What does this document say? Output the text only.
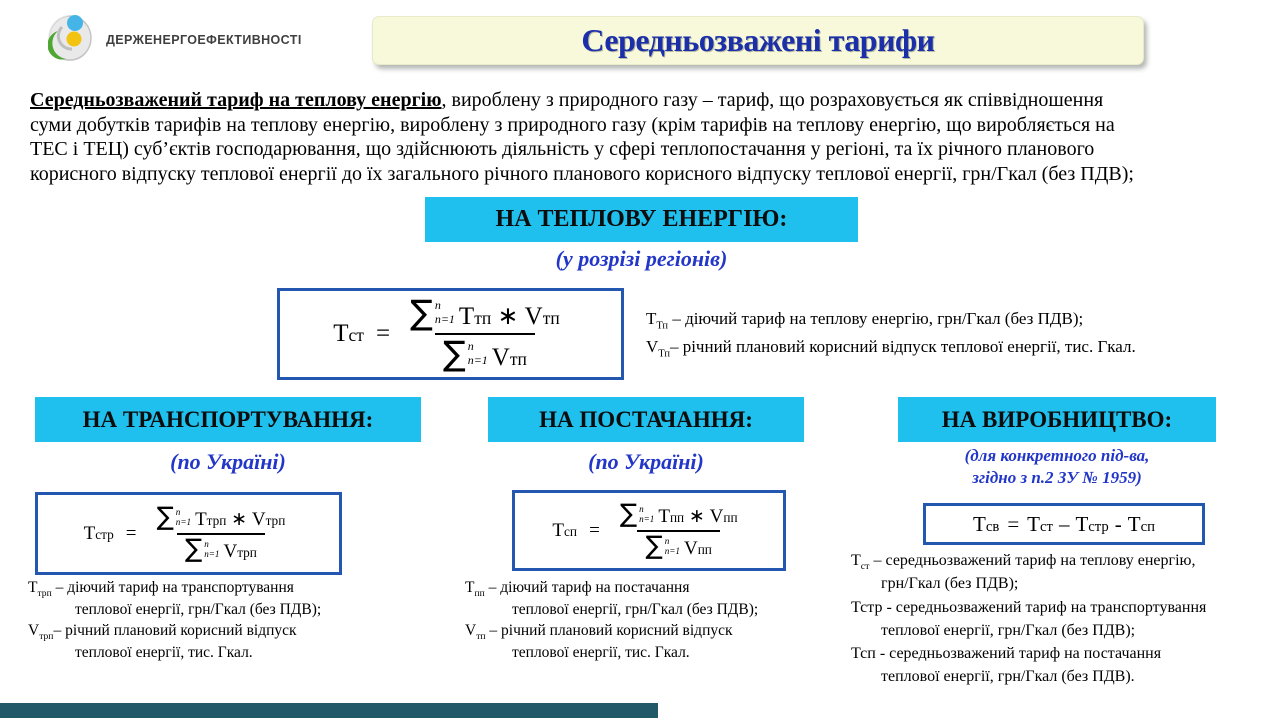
ДЕРЖЕНЕРГОЕФЕКТИВНОСТІ	Середньозважені тарифи
Середньозважений тариф на теплову енергію, вироблену з природного газу – тариф, що розраховується як співвідношення
суми добутків тарифів на теплову енергію, вироблену з природного газу (крім тарифів на теплову енергію, що виробляється на
ТЕС і ТЕЦ) суб’єктів господарювання, що здійснюють діяльність у сфері теплопостачання у регіоні, та їх річного планового
корисного відпуску теплової енергії до їх загального річного планового корисного відпуску теплової енергії, грн/Гкал (без ПДВ);
НА ТЕПЛОВУ ЕНЕРГІЮ:
(у розрізі регіонів)
Тст = ∑ n
n=1 Ттп ∗ Vтп
∑ n
n=1 Vтп	$Т_{Тп}$ – діючий тариф на теплову енергію, грн/Гкал (без ПДВ);
$V_{Тп}-$ річний плановий корисний відпуск теплової енергії, тис. Гкал.
НА ТРАНСПОРТУВАННЯ:	НА ПОСТАЧАННЯ:	НА ВИРОБНИЦТВО:
(по Україні)	(по Україні)	(для конкретного під-ва,
згідно з п.2 ЗУ № 1959)
Тстр = ∑ n
n=1 Ттрп ∗ Vтрп
∑ n
n=1 Vтрп	Тсп = ∑ n
n=1 Тпп ∗ Vпп
∑ n
n=1 Vпп	Тсв = Тст – Тстр - Тсп
$Т_{трп}$ – діючий тариф на транспортування
теплової енергії, грн/Гкал (без ПДВ);
$V_{трп}-$ річний плановий корисний відпуск
теплової енергії, тис. Гкал.
$Т_{пп}$ – діючий тариф на постачання
теплової енергії, грн/Гкал (без ПДВ);
$V_{тп}$ – річний плановий корисний відпуск
теплової енергії, тис. Гкал.
$Т_{ст}$ – середньозважений тариф на теплову енергію,
грн/Гкал (без ПДВ);
Тстр - середньозважений тариф на транспортування
теплової енергії, грн/Гкал (без ПДВ);
Тсп - середньозважений тариф на постачання
теплової енергії, грн/Гкал (без ПДВ).
